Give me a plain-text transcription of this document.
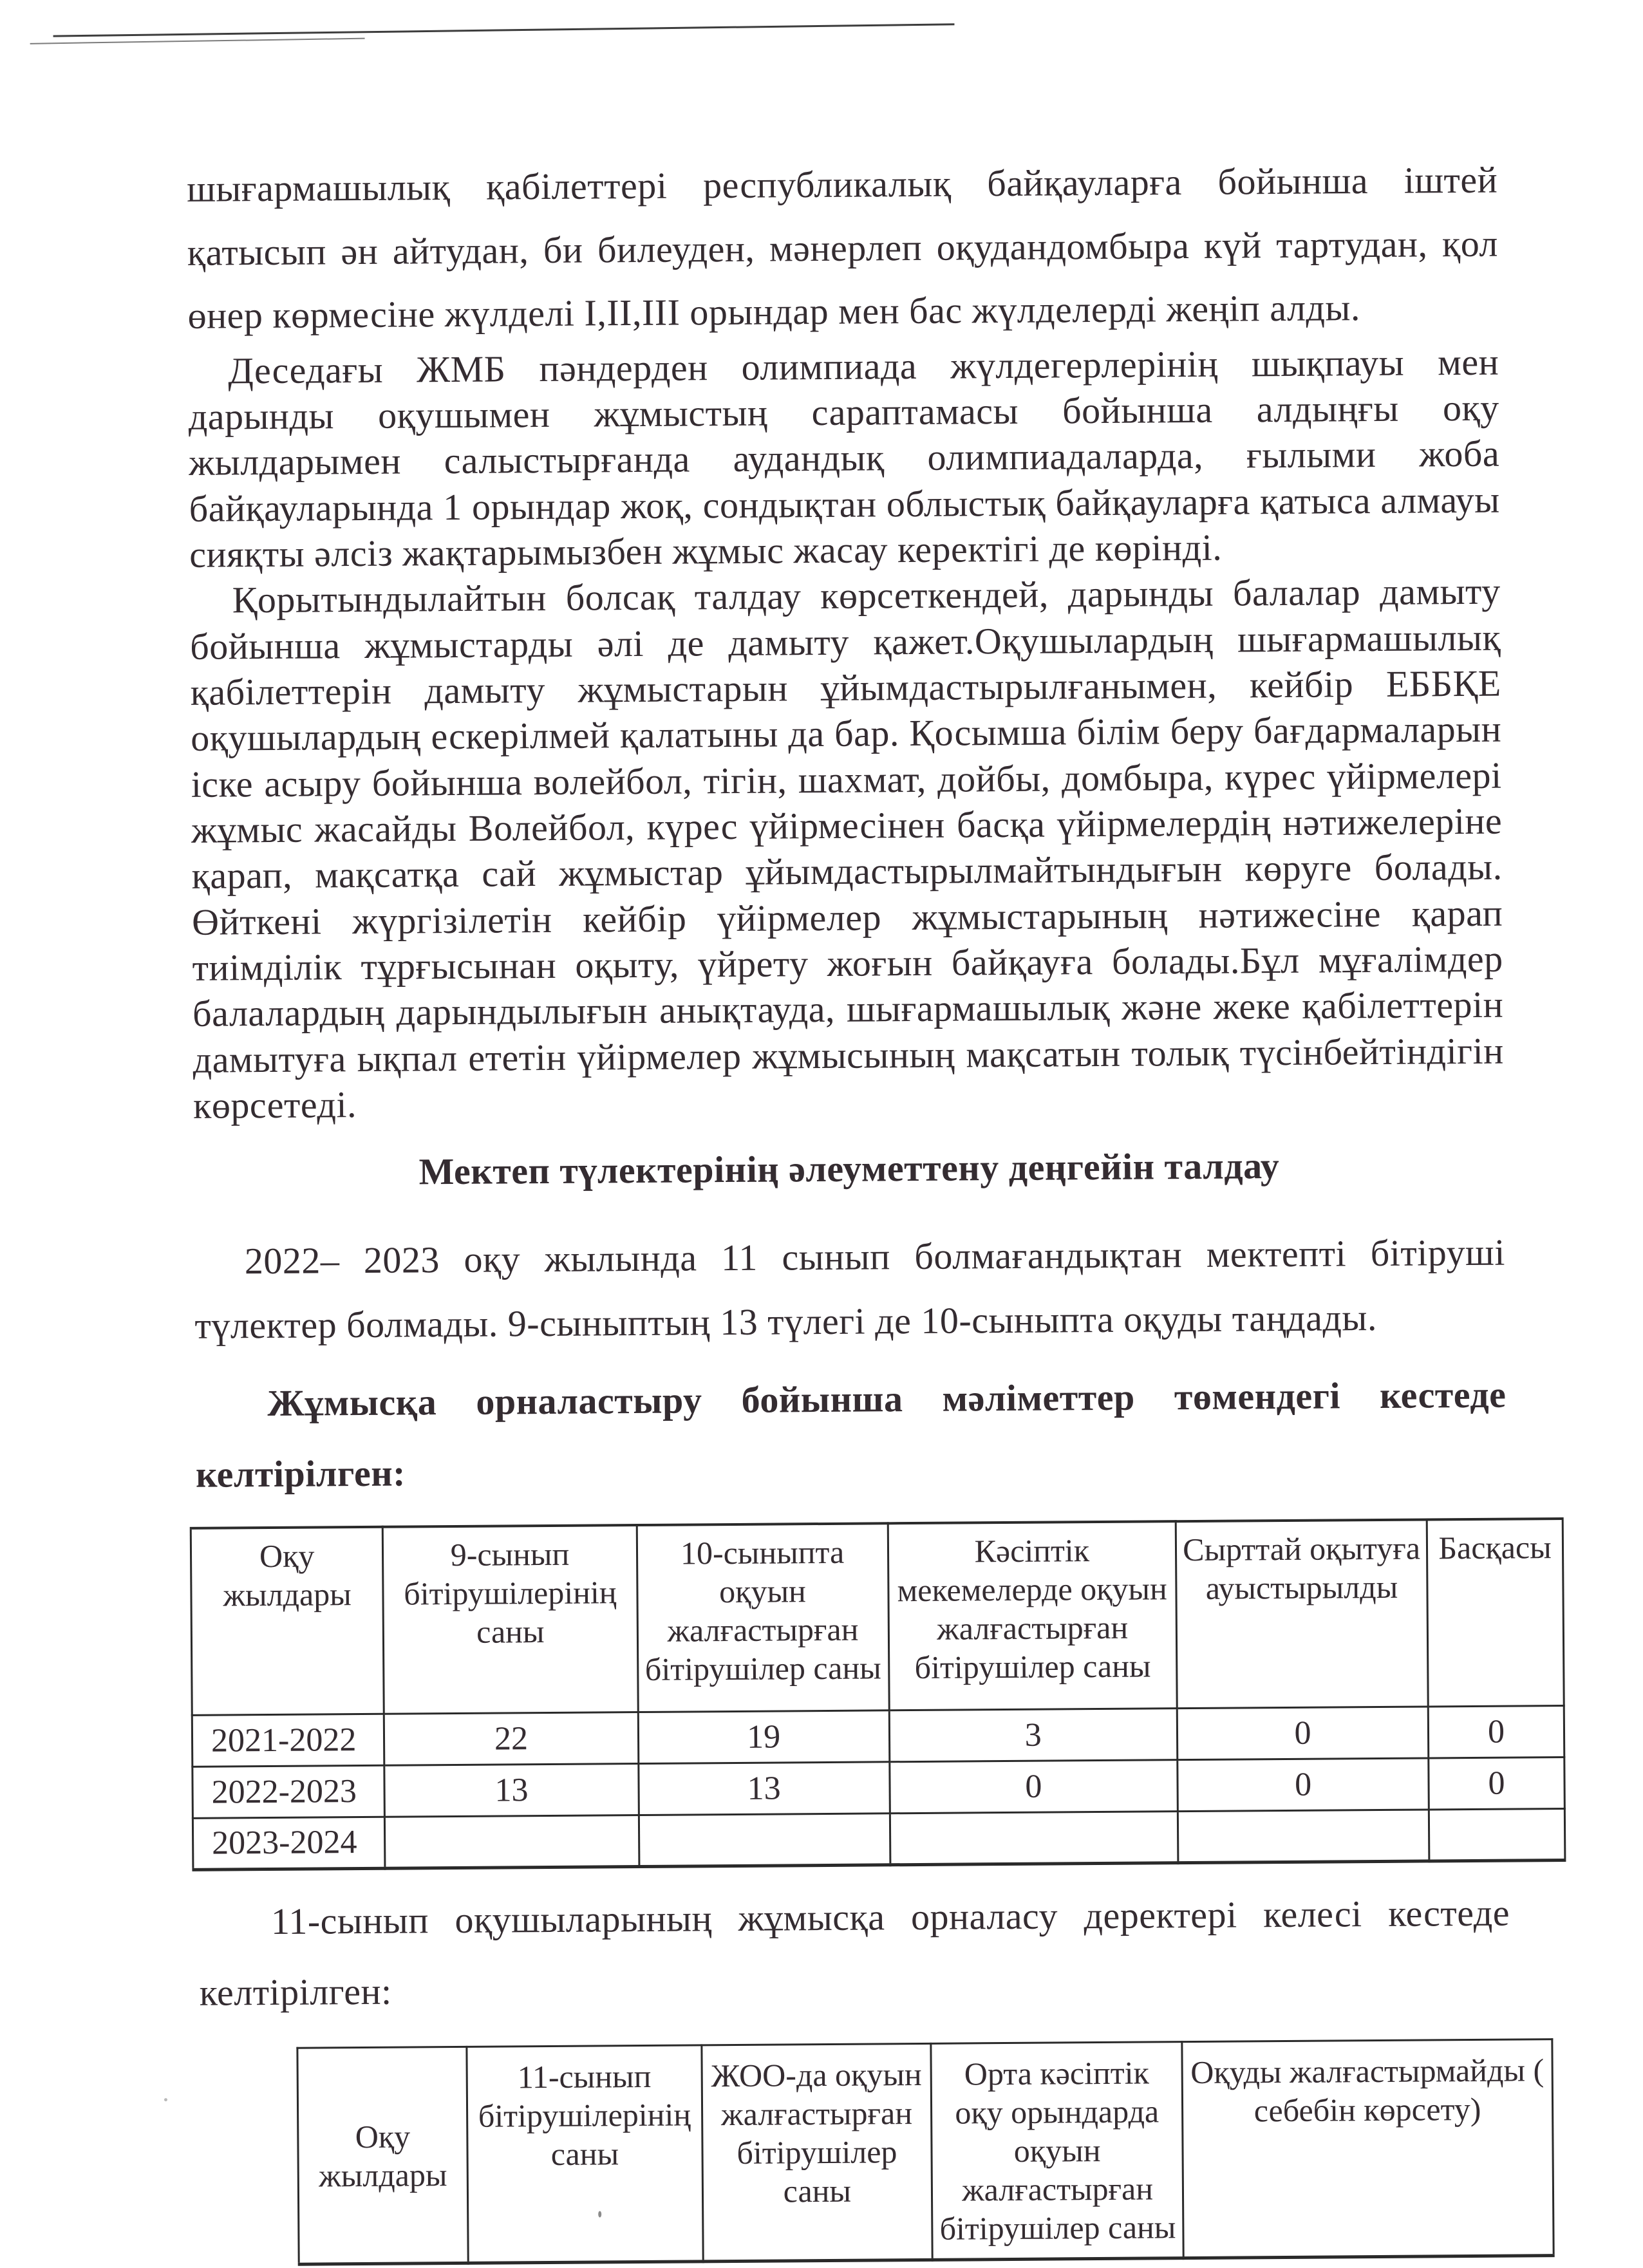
шығармашылық қабілеттері республикалық байқауларға бойынша іштей қатысып ән айтудан, би билеуден, мәнерлеп оқудандомбыра күй тартудан, қол өнер көрмесіне жүлделі І,ІІ,ІІІ орындар мен бас жүлделерді жеңіп алды.

Деседағы ЖМБ пәндерден олимпиада жүлдегерлерінің шықпауы мен дарынды оқушымен жұмыстың сараптамасы бойынша алдыңғы оқу жылдарымен салыстырғанда аудандық олимпиадаларда, ғылыми жоба байқауларында 1 орындар жоқ, сондықтан облыстық байқауларға қатыса алмауы сияқты әлсіз жақтарымызбен жұмыс жасау керектігі де көрінді.

Қорытындылайтын болсақ талдау көрсеткендей, дарынды балалар дамыту бойынша жұмыстарды әлі де дамыту қажет.Оқушылардың шығармашылық қабілеттерін дамыту жұмыстарын ұйымдастырылғанымен, кейбір ЕББҚЕ оқушылардың ескерілмей қалатыны да бар. Қосымша білім беру бағдармаларын іске асыру бойынша волейбол, тігін, шахмат, дойбы, домбыра, күрес үйірмелері жұмыс жасайды Волейбол, күрес үйірмесінен басқа үйірмелердің нәтижелеріне қарап, мақсатқа сай жұмыстар ұйымдастырылмайтындығын көруге болады. Өйткені жүргізілетін кейбір үйірмелер жұмыстарының нәтижесіне қарап тиімділік тұрғысынан оқыту, үйрету жоғын байқауға болады.Бұл мұғалімдер балалардың дарындылығын анықтауда, шығармашылық және жеке қабілеттерін дамытуға ықпал ететін үйірмелер жұмысының мақсатын толық түсінбейтіндігін көрсетеді.

Мектеп түлектерінің әлеуметтену деңгейін талдау

2022– 2023 оқу жылында 11 сынып болмағандықтан мектепті бітіруші түлектер болмады. 9-сыныптың 13 түлегі де 10-сыныпта оқуды таңдады.

Жұмысқа орналастыру бойынша мәліметтер төмендегі кестеде келтірілген:

Оқу жылдары	9-сынып бітірушілерінің саны	10-сыныпта оқуын жалғастырған бітірушілер саны	Кәсіптік мекемелерде оқуын жалғастырған бітірушілер саны	Сырттай оқытуға ауыстырылды	Басқасы
2021-2022	22	19	3	0	0
2022-2023	13	13	0	0	0
2023-2024					

11-сынып оқушыларының жұмысқа орналасу деректері келесі кестеде келтірілген:

Оқу жылдары	11-сынып бітірушілерінің саны	ЖОО-да оқуын жалғастырған бітірушілер саны	Орта кәсіптік оқу орындарда оқуын жалғастырған бітірушілер саны	Оқуды жалғастырмайды ( себебін көрсету)
